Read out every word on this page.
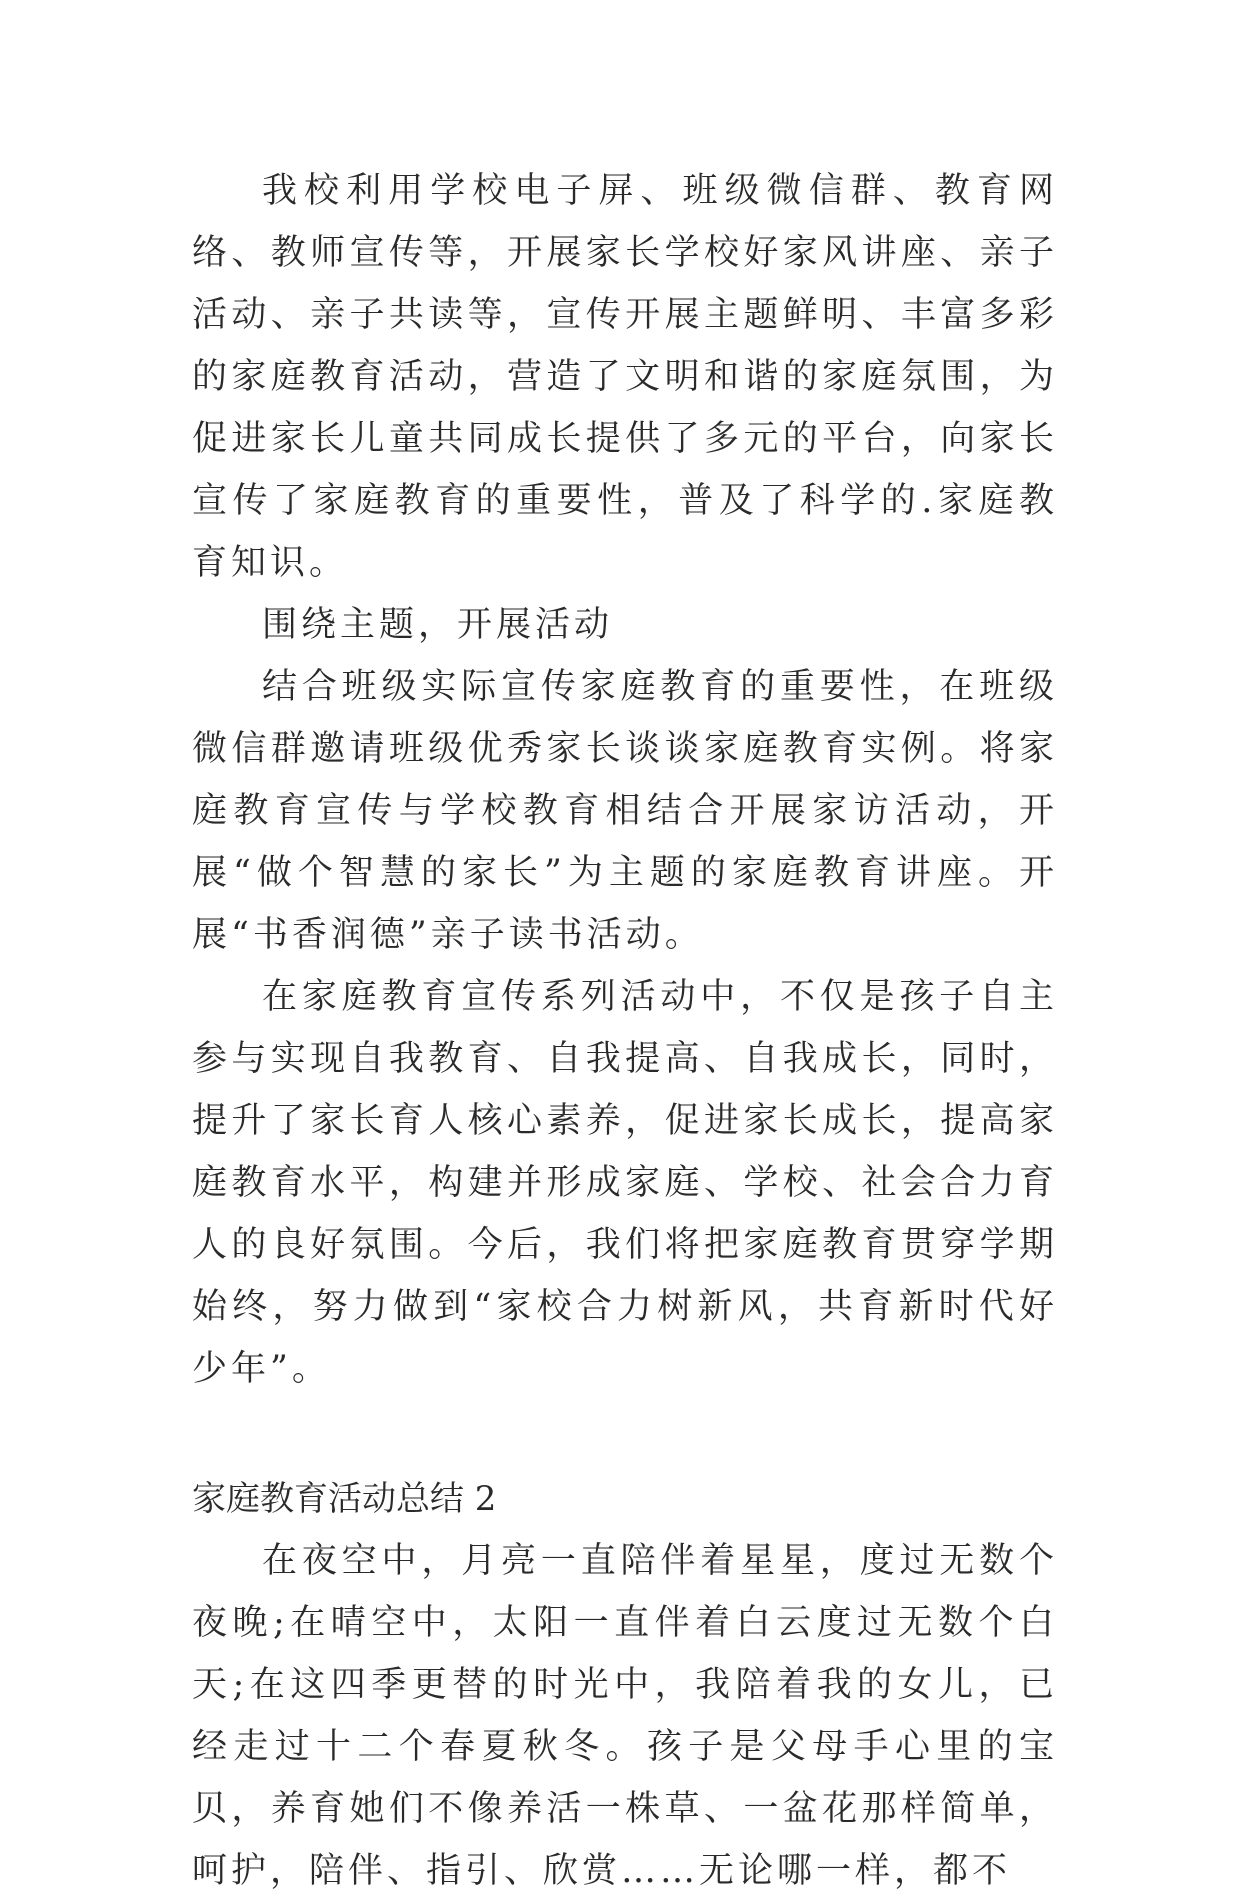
我校利用学校电子屏、班级微信群、教育网络、教师宣传等，开展家长学校好家风讲座、亲子活动、亲子共读等，宣传开展主题鲜明、丰富多彩的家庭教育活动，营造了文明和谐的家庭氛围，为促进家长儿童共同成长提供了多元的平台，向家长宣传了家庭教育的重要性，普及了科学的.家庭教育知识。

围绕主题，开展活动

结合班级实际宣传家庭教育的重要性，在班级微信群邀请班级优秀家长谈谈家庭教育实例。将家庭教育宣传与学校教育相结合开展家访活动，开展“做个智慧的家长”为主题的家庭教育讲座。开展“书香润德”亲子读书活动。

在家庭教育宣传系列活动中，不仅是孩子自主参与实现自我教育、自我提高、自我成长，同时，提升了家长育人核心素养，促进家长成长，提高家庭教育水平，构建并形成家庭、学校、社会合力育人的良好氛围。今后，我们将把家庭教育贯穿学期始终，努力做到“家校合力树新风，共育新时代好少年”。

家庭教育活动总结 2

在夜空中，月亮一直陪伴着星星，度过无数个夜晚;在晴空中，太阳一直伴着白云度过无数个白天;在这四季更替的时光中，我陪着我的女儿，已经走过十二个春夏秋冬。孩子是父母手心里的宝贝，养育她们不像养活一株草、一盆花那样简单，呵护，陪伴、指引、欣赏……无论哪一样，都不
